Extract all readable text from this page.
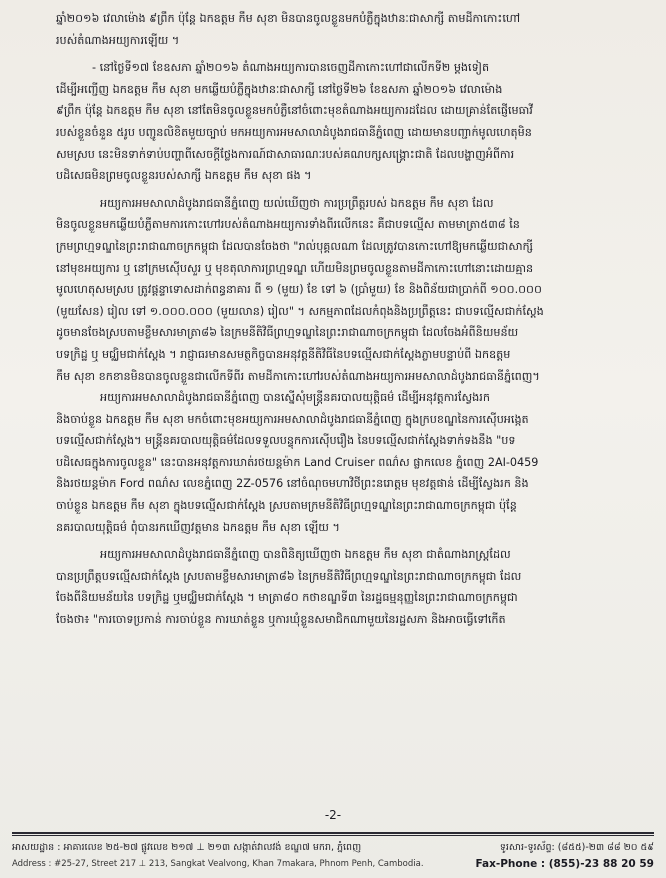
ឆ្នាំ២០១៦ វេលាម៉ោង ៩ព្រឹក ប៉ុន្តែ ឯកឧត្តម កឹម សុខា មិនបានចូលខ្លួនមកបំភ្លឺក្នុងឋានៈជាសាក្សី តាមដីកាកោះហៅ
របស់តំណាងអយ្យការឡើយ ។
- នៅថ្ងៃទី១៧ ខែឧសភា ឆ្នាំ២០១៦ តំណាងអយ្យការបានចេញដីកាកោះហៅជាលើកទី២ ម្តងទៀត
ដើម្បីអញ្ជើញ ឯកឧត្តម កឹម សុខា មកឆ្លើយបំភ្លឺក្នុងឋានៈជាសាក្សី នៅថ្ងៃទី២៦ ខែឧសភា ឆ្នាំ២០១៦ វេលាម៉ោង
៩ព្រឹក ប៉ុន្តែ ឯកឧត្តម កឹម សុខា នៅតែមិនចូលខ្លួនមកបំភ្លឺនៅចំពោះមុខតំណាងអយ្យការដដែល ដោយគ្រាន់តែផ្ញើមេធាវី
របស់ខ្លួនចំនួន ៥រូប បញ្ជូនលិខិតមួយច្បាប់ មកអយ្យការអមសាលាដំបូងរាជធានីភ្នំពេញ ដោយមានបញ្ជាក់មូលហេតុមិន
សមស្រប នេះមិនទាក់ទាប់បញ្ហាពីសេចក្តីថ្លែងការណ៍ជាសាធារណៈរបស់គណបក្សសង្គ្រោះជាតិ ដែលបង្ហាញអំពីការ
បដិសេធមិនព្រមចូលខ្លួនរបស់សាក្សី ឯកឧត្តម កឹម សុខា ផង ។
អយ្យការអមសាលាដំបូងរាជធានីភ្នំពេញ យល់ឃើញថា ការប្រព្រឹត្តរបស់ ឯកឧត្តម កឹម សុខា ដែល
មិនចូលខ្លួនមកឆ្លើយបំភ្លឺតាមការកោះហៅរបស់តំណាងអយ្យការទាំងពីរលើកនេះ គឺជាបទល្មើស តាមមាត្រា៥៣៨ នៃ
ក្រមព្រហ្មទណ្ឌនៃព្រះរាជាណាចក្រកម្ពុជា ដែលបានចែងថា "រាល់បុគ្គលណា ដែលត្រូវបានកោះហៅឱ្យមកឆ្លើយជាសាក្សី
នៅមុខអយ្យការ ឬ នៅក្រមស៊ើបសួរ ឬ មុខតុលាការព្រហ្មទណ្ឌ ហើយមិនព្រមចូលខ្លួនតាមដីកាកោះហៅនោះដោយគ្មាន
មូលហេតុសមស្រប ត្រូវផ្តន្ទាទោសដាក់ពន្ធនាគារ ពី ១ (មួយ) ខែ ទៅ ៦ (ប្រាំមួយ) ខែ និងពិន័យជាប្រាក់ពី ១០០.០០០
(មួយសែន) រៀល ទៅ ១.០០០.០០០ (មួយលាន) រៀល" ។ សកម្មភាពដែលកំពុងនិងប្រព្រឹត្តនេះ ជាបទល្មើសជាក់ស្តែង
ដូចមានចែងស្របតាមខ្លឹមសារមាត្រា៨៦ នៃក្រមនីតិវិធីព្រហ្មទណ្ឌនៃព្រះរាជាណាចក្រកម្ពុជា ដែលចែងអំពីនិយមន័យ
បទក្រិដ្ឋ ឬ មជ្ឈិមជាក់ស្តែង ។ រាជ្ញាធរមានសមត្ថកិច្ចបានអនុវត្តនីតិវិធីនៃបទល្មើសជាក់ស្តែងភ្លាមបន្ទាប់ពី ឯកឧត្តម
កឹម សុខា ខកខានមិនបានចូលខ្លួនជាលើកទីពីរ តាមដីកាកោះហៅរបស់តំណាងអយ្យការអមសាលាដំបូងរាជធានីភ្នំពេញ។
អយ្យការអមសាលាដំបូងរាជធានីភ្នំពេញ បានស្នើសុំមន្ត្រីនគរបាលយុត្តិធម៌ ដើម្បីអនុវត្តការស្វែងរក
និងចាប់ខ្លួន ឯកឧត្តម កឹម សុខា មកចំពោះមុខអយ្យការអមសាលាដំបូងរាជធានីភ្នំពេញ ក្នុងក្របខណ្ឌនៃការស៊ើបអង្កេត
បទល្មើសជាក់ស្តែង។ មន្ត្រីនគរបាលយុត្តិធម៌ដែលទទួលបន្ទុកការស៊ើបរឿង នៃបទល្មើសជាក់ស្តែងទាក់ទងនឹង "បទ
បដិសេធក្នុងការចូលខ្លួន" នេះបានអនុវត្តការឃាត់រថយន្តម៉ាក Land Cruiser ពណ៌ស ផ្លាកលេខ ភ្នំពេញ 2AI-0459
និងរថយន្តម៉ាក Ford ពណ៌ស លេខភ្នំពេញ 2Z-0576 នៅចំណុចមហាវិថីព្រះនរោត្តម មុខវត្តផាន់ ដើម្បីស្វែងរក និង
ចាប់ខ្លួន ឯកឧត្តម កឹម សុខា ក្នុងបទល្មើសជាក់ស្តែង ស្របតាមក្រមនីតិវិធីព្រហ្មទណ្ឌនៃព្រះរាជាណាចក្រកម្ពុជា ប៉ុន្តែ
នគរបាលយុត្តិធម៌ ពុំបានរកឃើញវត្តមាន ឯកឧត្តម កឹម សុខា ឡើយ ។
អយ្យការអមសាលាដំបូងរាជធានីភ្នំពេញ បានពិនិត្យឃើញថា ឯកឧត្តម កឹម សុខា ជាតំណាងរាស្ត្រដែល
បានប្រព្រឹត្តបទល្មើសជាក់ស្តែង ស្របតាមខ្លឹមសារមាត្រា៨៦ នៃក្រមនីតិវិធីព្រហ្មទណ្ឌនៃព្រះរាជាណាចក្រកម្ពុជា ដែល
ចែងពីនិយមន័យនៃ បទក្រិដ្ឋ ឬមជ្ឈិមជាក់ស្តែង ។ មាត្រា៨០ កថាខណ្ឌទី៣ នៃរដ្ឋធម្មនុញ្ញនៃព្រះរាជាណាចក្រកម្ពុជា
ចែងថា៖ "ការចោទប្រកាន់ ការចាប់ខ្លួន ការឃាត់ខ្លួន ឬការឃុំខ្លួនសមាជិកណាមួយនៃរដ្ឋសភា និងអាចធ្វើទៅកើត
-2-
អាសយដ្ឋាន : អាគារលេខ ២៥-២៧ ផ្លូវលេខ ២១៧ ⊥ ២១៣ សង្កាត់វាលវង់ ខណ្ឌ៧ មករា, ភ្នំពេញ
Address : #25-27, Street 217 ⊥ 213, Sangkat Vealvong, Khan 7makara, Phnom Penh, Cambodia.
ទូរសារ-ទូរស័ព្ទ: (៨៥៥)-២៣ ៨៨ ២០ ៥៩
Fax-Phone : (855)-23 88 20 59
